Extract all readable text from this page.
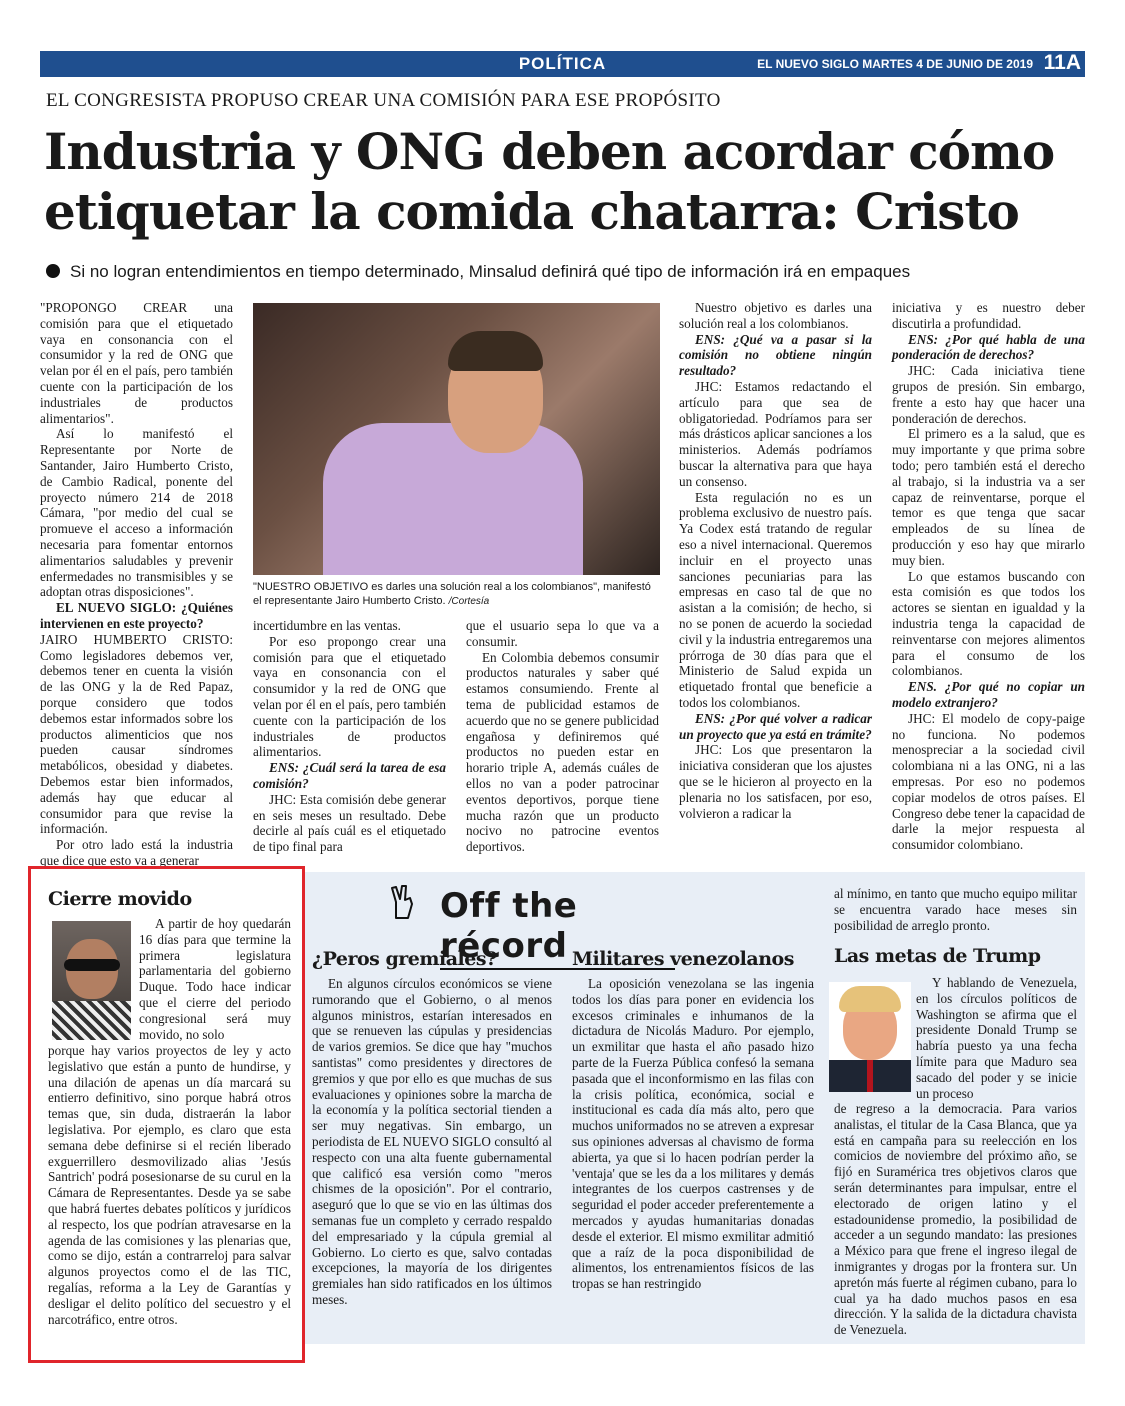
POLÍTICA	EL NUEVO SIGLO MARTES 4 DE JUNIO DE 2019 11A
EL CONGRESISTA PROPUSO CREAR UNA COMISIÓN PARA ESE PROPÓSITO
Industria y ONG deben acordar cómo
etiquetar la comida chatarra: Cristo
Si no logran entendimientos en tiempo determinado, Minsalud definirá qué tipo de información irá en empaques

"PROPONGO CREAR una comisión para que el etiquetado vaya en consonancia con el consumidor y la red de ONG que velan por él en el país, pero también cuente con la participación de los industriales de productos alimentarios".

Así lo manifestó el Representante por Norte de Santander, Jairo Humberto Cristo, de Cambio Radical, ponente del proyecto número 214 de 2018 Cámara, "por medio del cual se promueve el acceso a información necesaria para fomentar entornos alimentarios saludables y prevenir enfermedades no transmisibles y se adoptan otras disposiciones".

EL NUEVO SIGLO: ¿Quiénes intervienen en este proyecto?

JAIRO HUMBERTO CRISTO: Como legisladores debemos ver, debemos tener en cuenta la visión de las ONG y la de Red Papaz, porque considero que todos debemos estar informados sobre los productos alimenticios que nos pueden causar síndromes metabólicos, obesidad y diabetes. Debemos estar bien informados, además hay que educar al consumidor para que revise la información.

Por otro lado está la industria que dice que esto va a generar

"NUESTRO OBJETIVO es darles una solución real a los colombianos", manifestó el representante Jairo Humberto Cristo. /Cortesía

incertidumbre en las ventas.

Por eso propongo crear una comisión para que el etiquetado vaya en consonancia con el consumidor y la red de ONG que velan por él en el país, pero también cuente con la participación de los industriales de productos alimentarios.

ENS: ¿Cuál será la tarea de esa comisión?

JHC: Esta comisión debe generar en seis meses un resultado. Debe decirle al país cuál es el etiquetado de tipo final para

que el usuario sepa lo que va a consumir.

En Colombia debemos consumir productos naturales y saber qué estamos consumiendo. Frente al tema de publicidad estamos de acuerdo que no se genere publicidad engañosa y definiremos qué productos no pueden estar en horario triple A, además cuáles de ellos no van a poder patrocinar eventos deportivos, porque tiene mucha razón que un producto nocivo no patrocine eventos deportivos.

Nuestro objetivo es darles una solución real a los colombianos.

ENS: ¿Qué va a pasar si la comisión no obtiene ningún resultado?

JHC: Estamos redactando el artículo para que sea de obligatoriedad. Podríamos para ser más drásticos aplicar sanciones a los ministerios. Además podríamos buscar la alternativa para que haya un consenso.

Esta regulación no es un problema exclusivo de nuestro país. Ya Codex está tratando de regular eso a nivel internacional. Queremos incluir en el proyecto unas sanciones pecuniarias para las empresas en caso tal de que no asistan a la comisión; de hecho, si no se ponen de acuerdo la sociedad civil y la industria entregaremos una prórroga de 30 días para que el Ministerio de Salud expida un etiquetado frontal que beneficie a todos los colombianos.

ENS: ¿Por qué volver a radicar un proyecto que ya está en trámite?

JHC: Los que presentaron la iniciativa consideran que los ajustes que se le hicieron al proyecto en la plenaria no los satisfacen, por eso, volvieron a radicar la

iniciativa y es nuestro deber discutirla a profundidad.

ENS: ¿Por qué habla de una ponderación de derechos?

JHC: Cada iniciativa tiene grupos de presión. Sin embargo, frente a esto hay que hacer una ponderación de derechos.

El primero es a la salud, que es muy importante y que prima sobre todo; pero también está el derecho al trabajo, si la industria va a ser capaz de reinventarse, porque el temor es que tenga que sacar empleados de su línea de producción y eso hay que mirarlo muy bien.

Lo que estamos buscando con esta comisión es que todos los actores se sientan en igualdad y la industria tenga la capacidad de reinventarse con mejores alimentos para el consumo de los colombianos.

ENS. ¿Por qué no copiar un modelo extranjero?

JHC: El modelo de copy-paige no funciona. No podemos menospreciar a la sociedad civil colombiana ni a las ONG, ni a las empresas. Por eso no podemos copiar modelos de otros países. El Congreso debe tener la capacidad de darle la mejor respuesta al consumidor colombiano.

Cierre movido

A partir de hoy quedarán 16 días para que termine la primera legislatura parlamentaria del gobierno Duque. Todo hace indicar que el cierre del periodo congresional será muy movido, no solo

porque hay varios proyectos de ley y acto legislativo que están a punto de hundirse, y una dilación de apenas un día marcará su entierro definitivo, sino porque habrá otros temas que, sin duda, distraerán la labor legislativa. Por ejemplo, es claro que esta semana debe definirse si el recién liberado exguerrillero desmovilizado alias 'Jesús Santrich' podrá posesionarse de su curul en la Cámara de Representantes. Desde ya se sabe que habrá fuertes debates políticos y jurídicos al respecto, los que podrían atravesarse en la agenda de las comisiones y las plenarias que, como se dijo, están a contrarreloj para salvar algunos proyectos como el de las TIC, regalías, reforma a la Ley de Garantías y desligar el delito político del secuestro y el narcotráfico, entre otros.

Off the récord
¿Peros gremiales?

En algunos círculos económicos se viene rumorando que el Gobierno, o al menos algunos ministros, estarían interesados en que se renueven las cúpulas y presidencias de varios gremios. Se dice que hay "muchos santistas" como presidentes y directores de gremios y que por ello es que muchas de sus evaluaciones y opiniones sobre la marcha de la economía y la política sectorial tienden a ser muy negativas. Sin embargo, un periodista de EL NUEVO SIGLO consultó al respecto con una alta fuente gubernamental que calificó esa versión como "meros chismes de la oposición". Por el contrario, aseguró que lo que se vio en las últimas dos semanas fue un completo y cerrado respaldo del empresariado y la cúpula gremial al Gobierno. Lo cierto es que, salvo contadas excepciones, la mayoría de los dirigentes gremiales han sido ratificados en los últimos meses.

Militares venezolanos

La oposición venezolana se las ingenia todos los días para poner en evidencia los excesos criminales e inhumanos de la dictadura de Nicolás Maduro. Por ejemplo, un exmilitar que hasta el año pasado hizo parte de la Fuerza Pública confesó la semana pasada que el inconformismo en las filas con la crisis política, económica, social e institucional es cada día más alto, pero que muchos uniformados no se atreven a expresar sus opiniones adversas al chavismo de forma abierta, ya que si lo hacen podrían perder la 'ventaja' que se les da a los militares y demás integrantes de los cuerpos castrenses y de seguridad el poder acceder preferentemente a mercados y ayudas humanitarias donadas desde el exterior. El mismo exmilitar admitió que a raíz de la poca disponibilidad de alimentos, los entrenamientos físicos de las tropas se han restringido

al mínimo, en tanto que mucho equipo militar se encuentra varado hace meses sin posibilidad de arreglo pronto.

Las metas de Trump

Y hablando de Venezuela, en los círculos políticos de Washington se afirma que el presidente Donald Trump se habría puesto ya una fecha límite para que Maduro sea sacado del poder y se inicie un proceso

de regreso a la democracia. Para varios analistas, el titular de la Casa Blanca, que ya está en campaña para su reelección en los comicios de noviembre del próximo año, se fijó en Suramérica tres objetivos claros que serán determinantes para impulsar, entre el electorado de origen latino y el estadounidense promedio, la posibilidad de acceder a un segundo mandato: las presiones a México para que frene el ingreso ilegal de inmigrantes y drogas por la frontera sur. Un apretón más fuerte al régimen cubano, para lo cual ya ha dado muchos pasos en esa dirección. Y la salida de la dictadura chavista de Venezuela.
